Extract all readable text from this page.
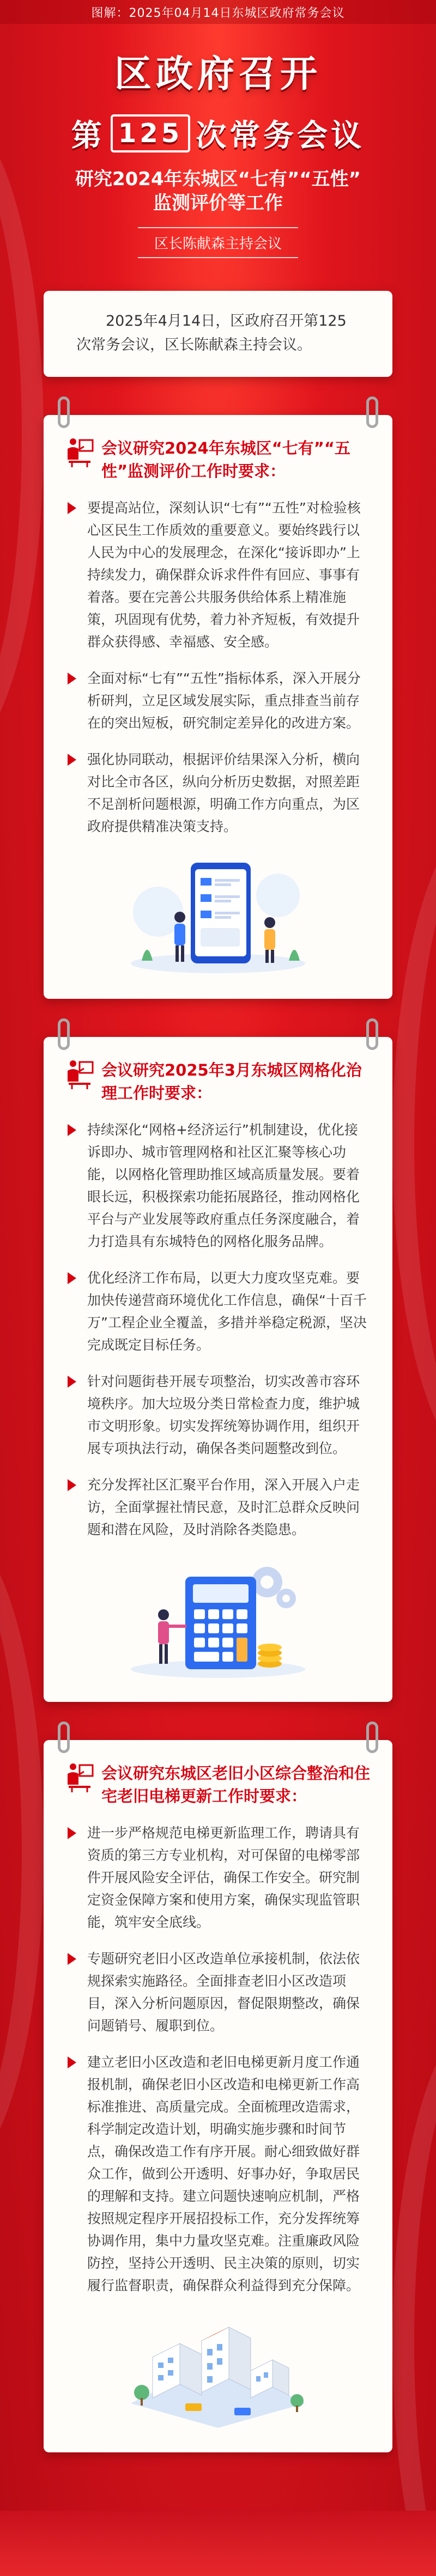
图解：2025年04月14日东城区政府常务会议
区政府召开
第 125 次常务会议
研究2024年东城区“七有”“五性”
监测评价等工作
区长陈献森主持会议
2025年4月14日，区政府召开第125次常务会议，区长陈献森主持会议。
会议研究2024年东城区“七有”“五性”监测评价工作时要求：
要提高站位，深刻认识“七有”“五性”对检验核心区民生工作质效的重要意义。要始终践行以人民为中心的发展理念，在深化“接诉即办”上持续发力，确保群众诉求件件有回应、事事有着落。要在完善公共服务供给体系上精准施策，巩固现有优势，着力补齐短板，有效提升群众获得感、幸福感、安全感。
全面对标“七有”“五性”指标体系，深入开展分析研判，立足区域发展实际，重点排查当前存在的突出短板，研究制定差异化的改进方案。
强化协同联动，根据评价结果深入分析，横向对比全市各区，纵向分析历史数据，对照差距不足剖析问题根源，明确工作方向重点，为区政府提供精准决策支持。
会议研究2025年3月东城区网格化治理工作时要求：
持续深化“网格+经济运行”机制建设，优化接诉即办、城市管理网格和社区汇聚等核心功能，以网格化管理助推区域高质量发展。要着眼长远，积极探索功能拓展路径，推动网格化平台与产业发展等政府重点任务深度融合，着力打造具有东城特色的网格化服务品牌。
优化经济工作布局，以更大力度攻坚克难。要加快传递营商环境优化工作信息，确保“十百千万”工程企业全覆盖，多措并举稳定税源，坚决完成既定目标任务。
针对问题街巷开展专项整治，切实改善市容环境秩序。加大垃圾分类日常检查力度，维护城市文明形象。切实发挥统筹协调作用，组织开展专项执法行动，确保各类问题整改到位。
充分发挥社区汇聚平台作用，深入开展入户走访，全面掌握社情民意，及时汇总群众反映问题和潜在风险，及时消除各类隐患。
会议研究东城区老旧小区综合整治和住宅老旧电梯更新工作时要求：
进一步严格规范电梯更新监理工作，聘请具有资质的第三方专业机构，对可保留的电梯零部件开展风险安全评估，确保工作安全。研究制定资金保障方案和使用方案，确保实现监管职能，筑牢安全底线。
专题研究老旧小区改造单位承接机制，依法依规探索实施路径。全面排查老旧小区改造项目，深入分析问题原因，督促限期整改，确保问题销号、履职到位。
建立老旧小区改造和老旧电梯更新月度工作通报机制，确保老旧小区改造和电梯更新工作高标准推进、高质量完成。全面梳理改造需求，科学制定改造计划，明确实施步骤和时间节点，确保改造工作有序开展。耐心细致做好群众工作，做到公开透明、好事办好，争取居民的理解和支持。建立问题快速响应机制，严格按照规定程序开展招投标工作，充分发挥统筹协调作用，集中力量攻坚克难。注重廉政风险防控，坚持公开透明、民主决策的原则，切实履行监督职责，确保群众利益得到充分保障。
